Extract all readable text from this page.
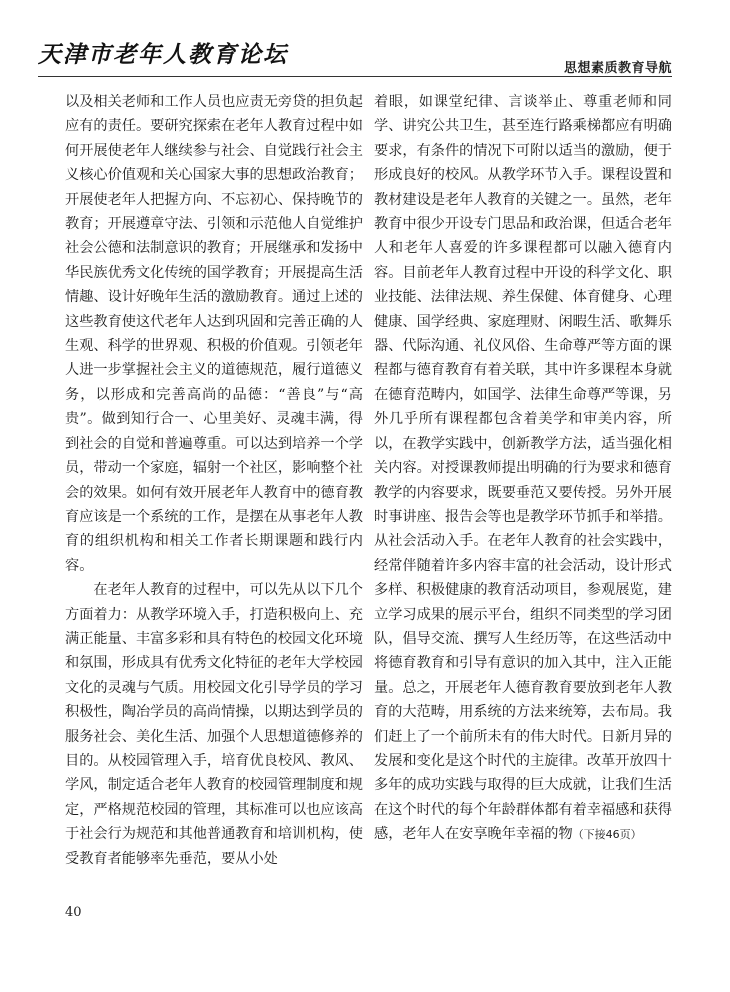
天津市老年人教育论坛
思想素质教育导航

以及相关老师和工作人员也应责无旁贷的担负起应有的责任。要研究探索在老年人教育过程中如何开展使老年人继续参与社会、自觉践行社会主义核心价值观和关心国家大事的思想政治教育；开展使老年人把握方向、不忘初心、保持晚节的教育；开展遵章守法、引领和示范他人自觉维护社会公德和法制意识的教育；开展继承和发扬中华民族优秀文化传统的国学教育；开展提高生活情趣、设计好晚年生活的激励教育。通过上述的这些教育使这代老年人达到巩固和完善正确的人生观、科学的世界观、积极的价值观。引领老年人进一步掌握社会主义的道德规范，履行道德义务，以形成和完善高尚的品德：“善良”与“高贵”。做到知行合一、心里美好、灵魂丰满，得到社会的自觉和普遍尊重。可以达到培养一个学员，带动一个家庭，辐射一个社区，影响整个社会的效果。如何有效开展老年人教育中的德育教育应该是一个系统的工作，是摆在从事老年人教育的组织机构和相关工作者长期课题和践行内容。

在老年人教育的过程中，可以先从以下几个方面着力：从教学环境入手，打造积极向上、充满正能量、丰富多彩和具有特色的校园文化环境和氛围，形成具有优秀文化特征的老年大学校园文化的灵魂与气质。用校园文化引导学员的学习积极性，陶冶学员的高尚情操，以期达到学员的服务社会、美化生活、加强个人思想道德修养的目的。从校园管理入手，培育优良校风、教风、学风，制定适合老年人教育的校园管理制度和规定，严格规范校园的管理，其标准可以也应该高于社会行为规范和其他普通教育和培训机构，使受教育者能够率先垂范，要从小处

着眼，如课堂纪律、言谈举止、尊重老师和同学、讲究公共卫生，甚至连行路乘梯都应有明确要求，有条件的情况下可附以适当的激励，便于形成良好的校风。从教学环节入手。课程设置和教材建设是老年人教育的关键之一。虽然，老年教育中很少开设专门思品和政治课，但适合老年人和老年人喜爱的许多课程都可以融入德育内容。目前老年人教育过程中开设的科学文化、职业技能、法律法规、养生保健、体育健身、心理健康、国学经典、家庭理财、闲暇生活、歌舞乐器、代际沟通、礼仪风俗、生命尊严等方面的课程都与德育教育有着关联，其中许多课程本身就在德育范畴内，如国学、法律生命尊严等课，另外几乎所有课程都包含着美学和审美内容，所以，在教学实践中，创新教学方法，适当强化相关内容。对授课教师提出明确的行为要求和德育教学的内容要求，既要垂范又要传授。另外开展时事讲座、报告会等也是教学环节抓手和举措。从社会活动入手。在老年人教育的社会实践中，经常伴随着许多内容丰富的社会活动，设计形式多样、积极健康的教育活动项目，参观展览，建立学习成果的展示平台，组织不同类型的学习团队，倡导交流、撰写人生经历等，在这些活动中将德育教育和引导有意识的加入其中，注入正能量。总之，开展老年人德育教育要放到老年人教育的大范畴，用系统的方法来统筹，去布局。我们赶上了一个前所未有的伟大时代。日新月异的发展和变化是这个时代的主旋律。改革开放四十多年的成功实践与取得的巨大成就，让我们生活在这个时代的每个年龄群体都有着幸福感和获得感，老年人在安享晚年幸福的物（下接46页）

40
